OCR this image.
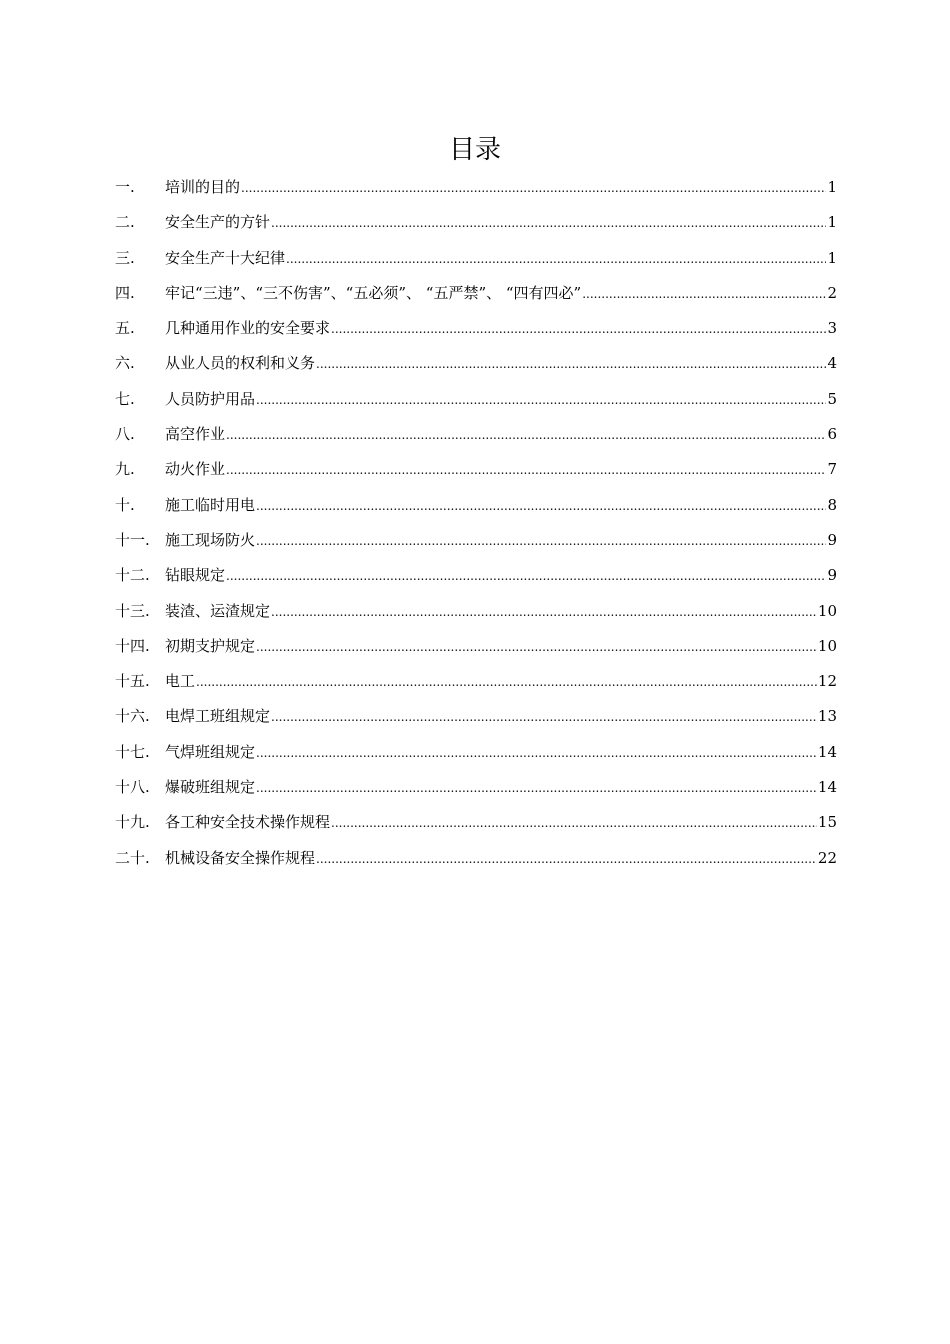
目录
一.	培训的目的 .....	1
二.	安全生产的方针 .....	1
三.	安全生产十大纪律 .....	1
四.	牢记“三违”、“三不伤害”、“五必须”、 “五严禁”、 “四有四必” .....	2
五.	几种通用作业的安全要求 .....	3
六.	从业人员的权利和义务 .....	4
七.	人员防护用品 .....	5
八.	高空作业 .....	6
九.	动火作业 .....	7
十.	施工临时用电 .....	8
十一.	施工现场防火 .....	9
十二.	钻眼规定 .....	9
十三.	装渣、运渣规定 .....	10
十四.	初期支护规定 .....	10
十五.	电工 .....	12
十六.	电焊工班组规定 .....	13
十七.	气焊班组规定 .....	14
十八.	爆破班组规定 .....	14
十九.	各工种安全技术操作规程 .....	15
二十.	机械设备安全操作规程 .....	22
